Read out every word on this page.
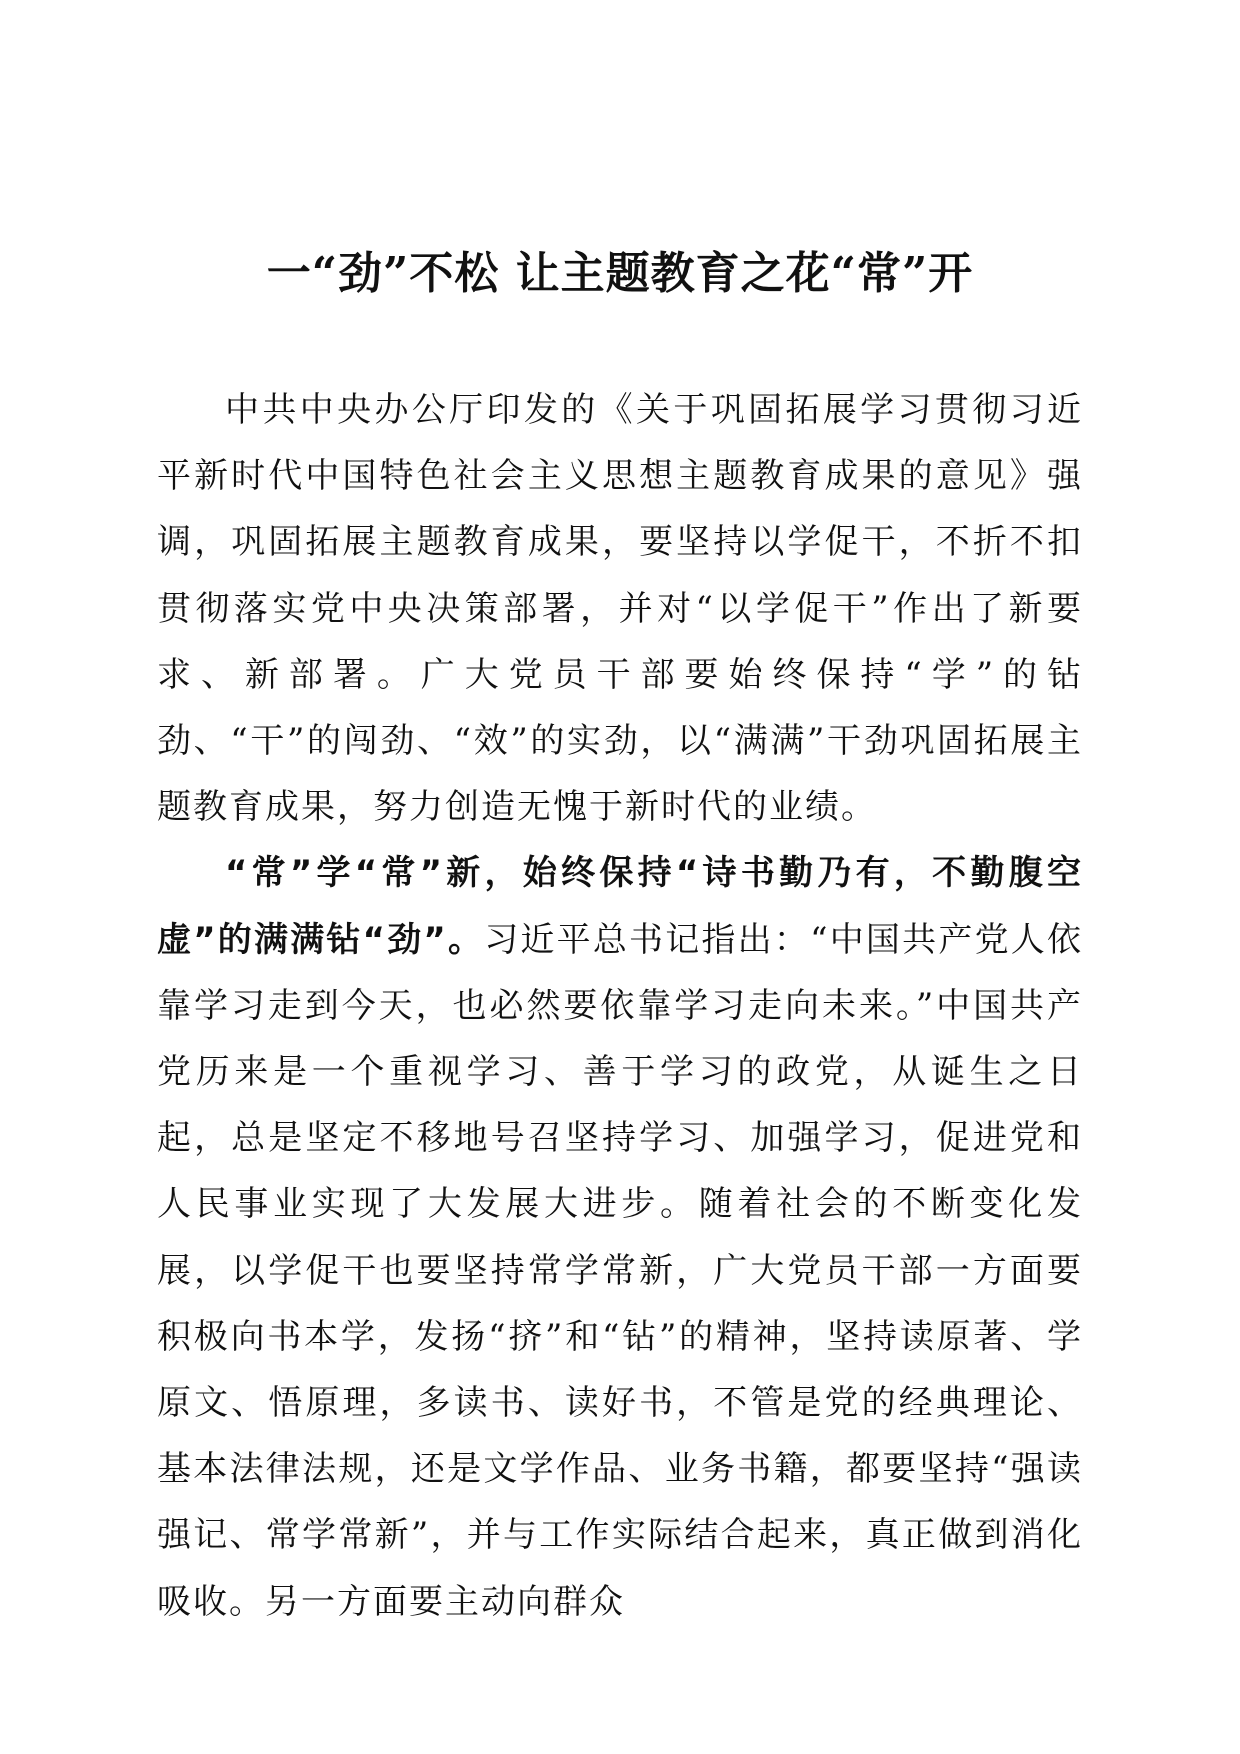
一“劲”不松 让主题教育之花“常”开

中共中央办公厅印发的《关于巩固拓展学习贯彻习近平新时代中国特色社会主义思想主题教育成果的意见》强调，巩固拓展主题教育成果，要坚持以学促干，不折不扣贯彻落实党中央决策部署，并对“以学促干”作出了新要求、新部署。广大党员干部要始终保持“学”的钻劲、“干”的闯劲、“效”的实劲，以“满满”干劲巩固拓展主题教育成果，努力创造无愧于新时代的业绩。

“常”学“常”新，始终保持“诗书勤乃有，不勤腹空虚”的满满钻“劲”。习近平总书记指出：“中国共产党人依靠学习走到今天，也必然要依靠学习走向未来。”中国共产党历来是一个重视学习、善于学习的政党，从诞生之日起，总是坚定不移地号召坚持学习、加强学习，促进党和人民事业实现了大发展大进步。随着社会的不断变化发展，以学促干也要坚持常学常新，广大党员干部一方面要积极向书本学，发扬“挤”和“钻”的精神，坚持读原著、学原文、悟原理，多读书、读好书，不管是党的经典理论、基本法律法规，还是文学作品、业务书籍，都要坚持“强读强记、常学常新”，并与工作实际结合起来，真正做到消化吸收。另一方面要主动向群众
